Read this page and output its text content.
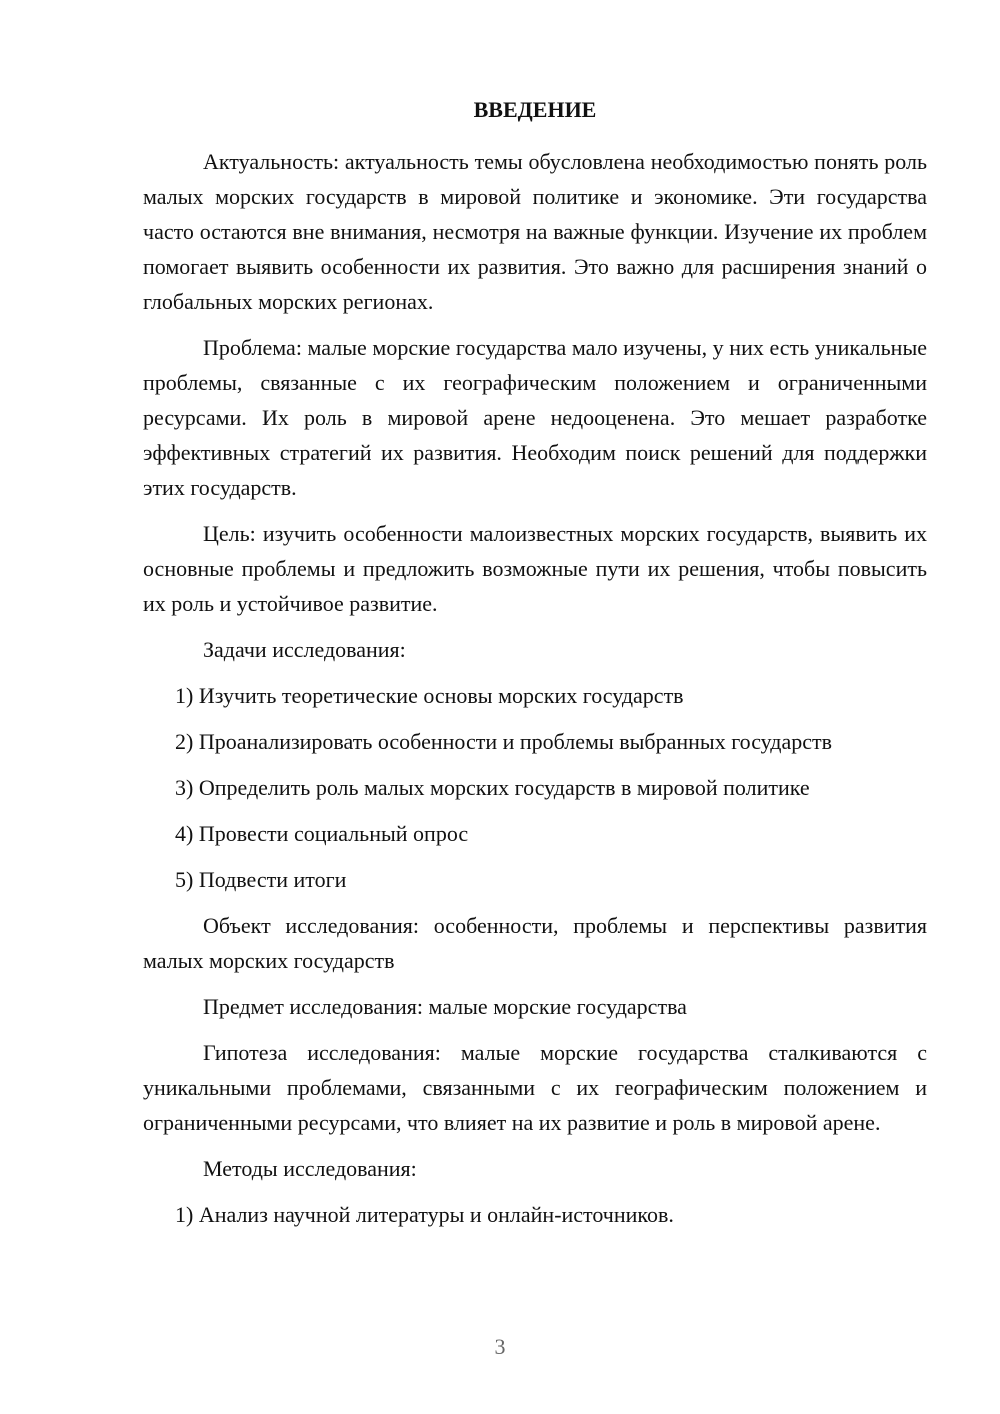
ВВЕДЕНИЕ

Актуальность: актуальность темы обусловлена необходимостью понять роль малых морских государств в мировой политике и экономике. Эти государства часто остаются вне внимания, несмотря на важные функции. Изучение их проблем помогает выявить особенности их развития. Это важно для расширения знаний о глобальных морских регионах.

Проблема: малые морские государства мало изучены, у них есть уникальные проблемы, связанные с их географическим положением и ограниченными ресурсами. Их роль в мировой арене недооценена. Это мешает разработке эффективных стратегий их развития. Необходим поиск решений для поддержки этих государств.

Цель: изучить особенности малоизвестных морских государств, выявить их основные проблемы и предложить возможные пути их решения, чтобы повысить их роль и устойчивое развитие.

Задачи исследования:

1) Изучить теоретические основы морских государств

2) Проанализировать особенности и проблемы выбранных государств

3) Определить роль малых морских государств в мировой политике

4) Провести социальный опрос

5) Подвести итоги

Объект исследования: особенности, проблемы и перспективы развития малых морских государств

Предмет исследования: малые морские государства

Гипотеза исследования: малые морские государства сталкиваются с уникальными проблемами, связанными с их географическим положением и ограниченными ресурсами, что влияет на их развитие и роль в мировой арене.

Методы исследования:

1) Анализ научной литературы и онлайн-источников.

3
